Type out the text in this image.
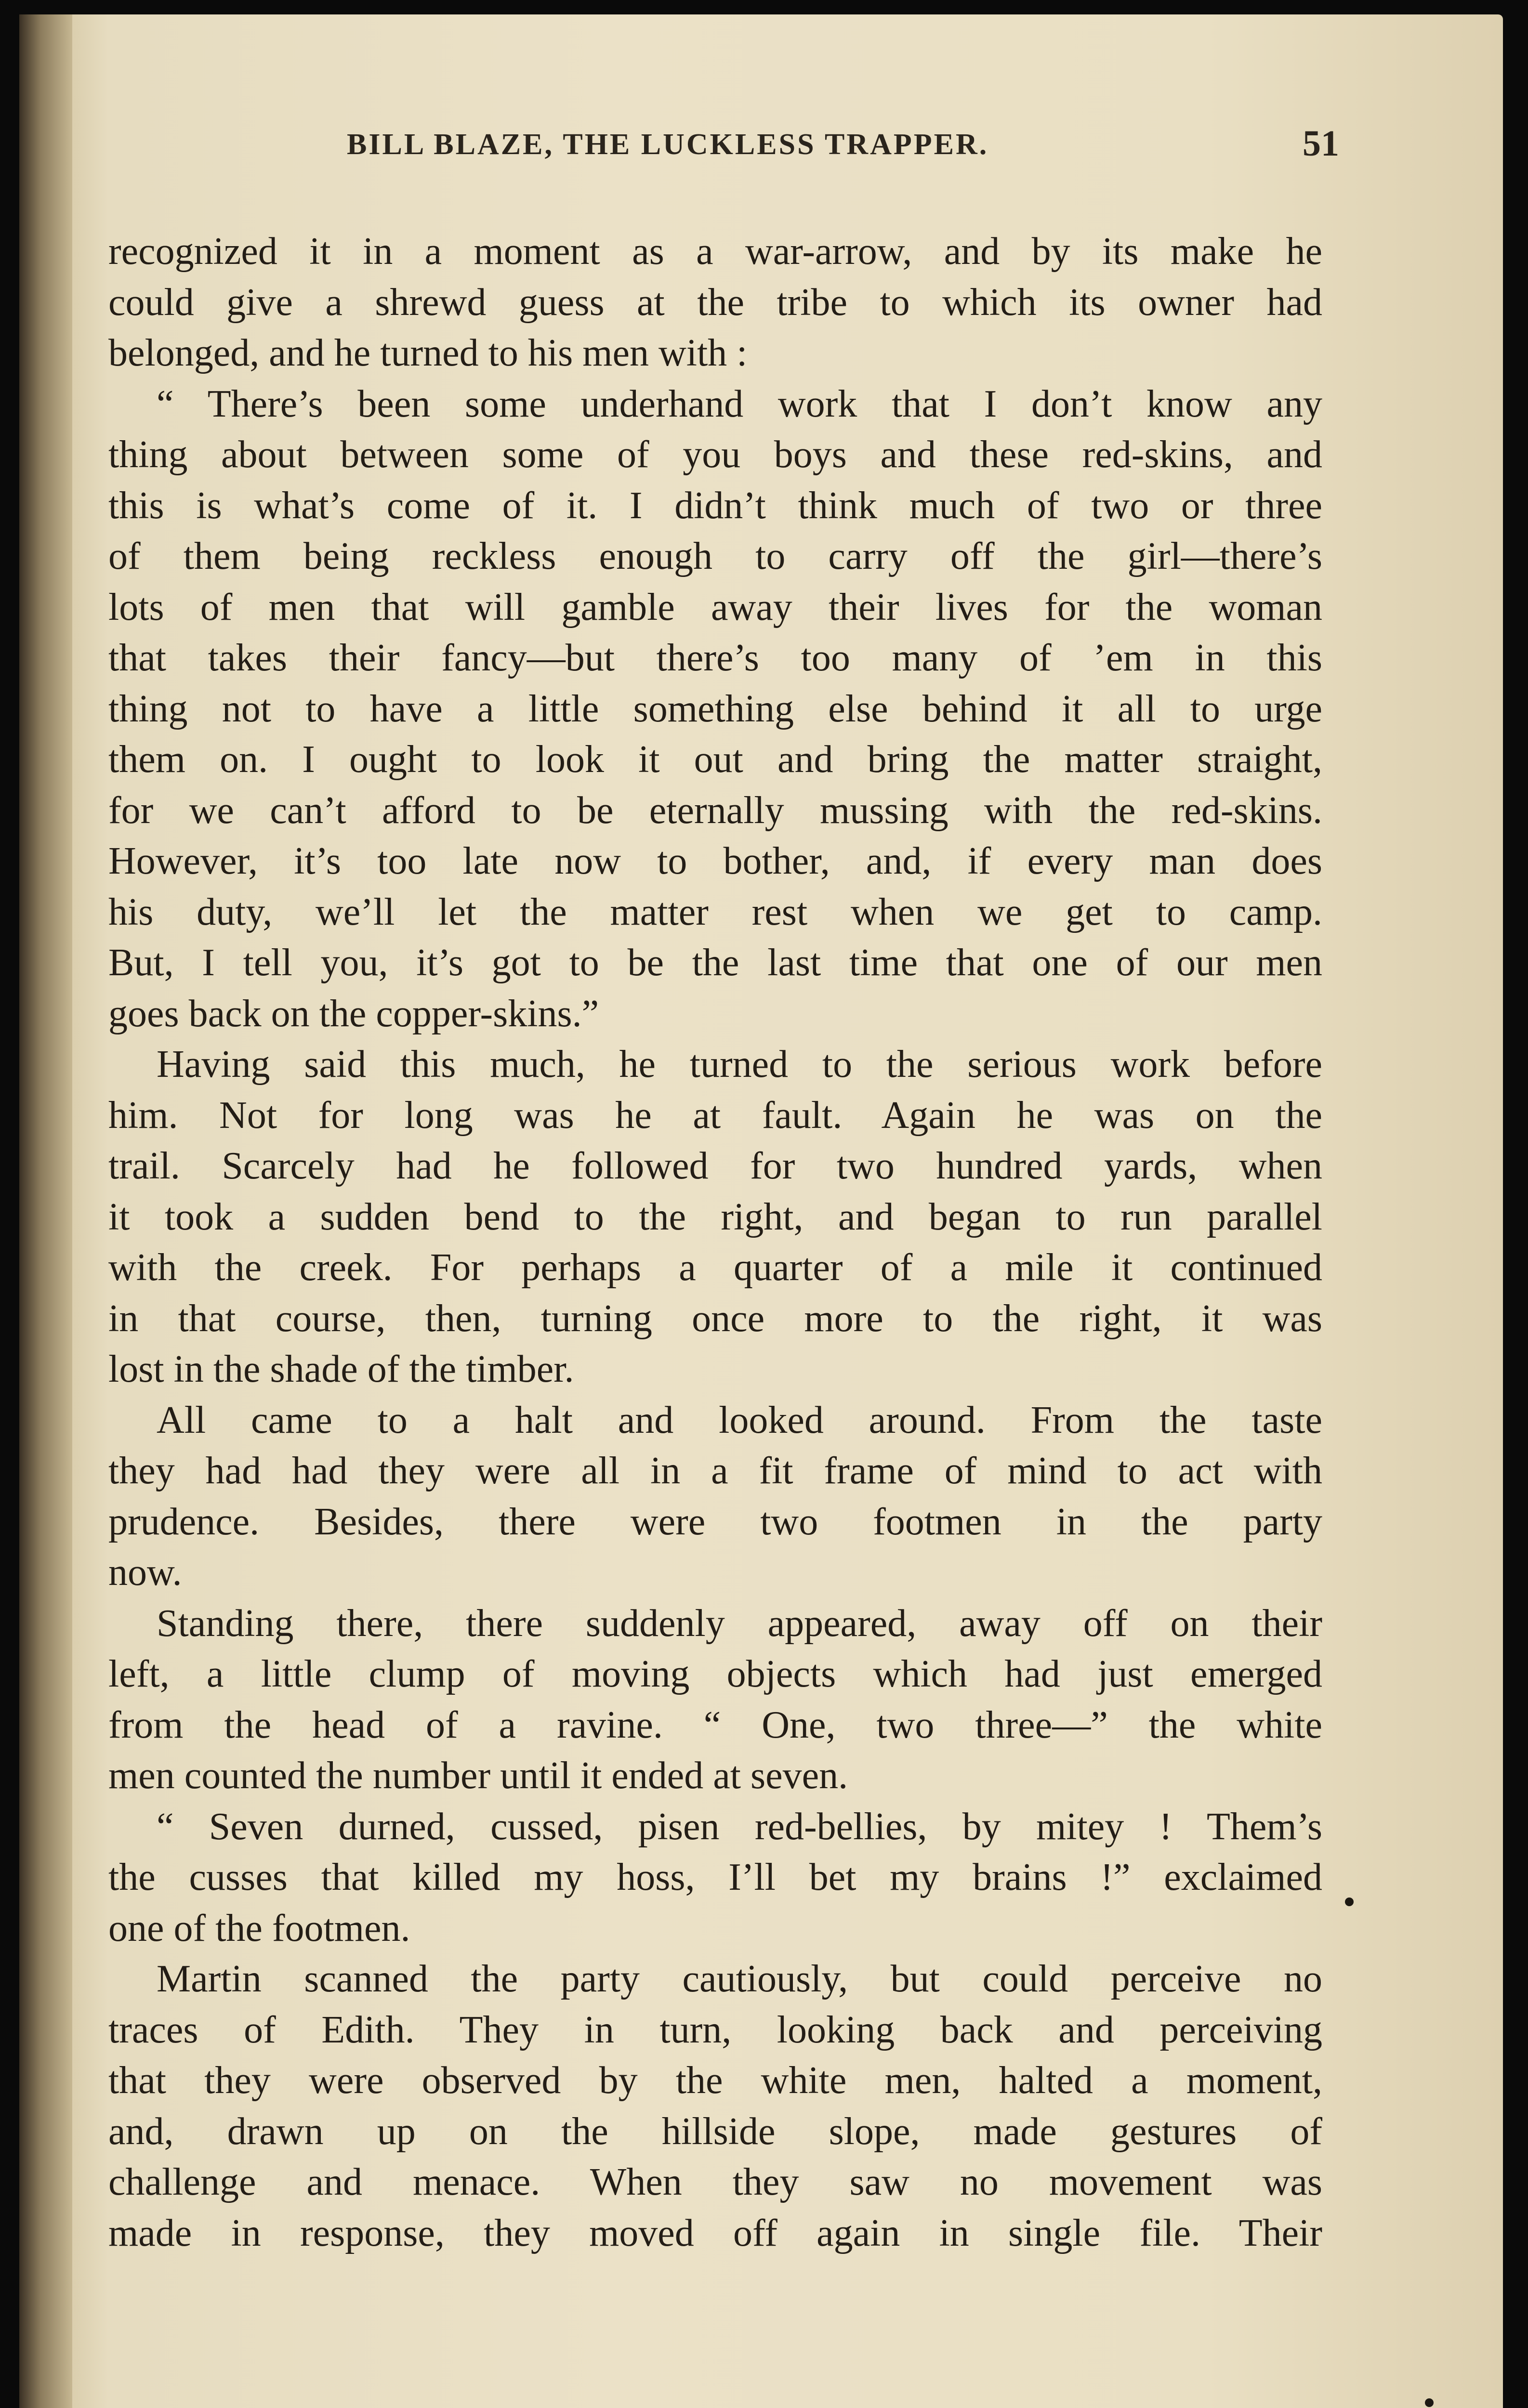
BILL BLAZE, THE LUCKLESS TRAPPER.	51
recognized it in a moment as a war-arrow, and by its make he
could give a shrewd guess at the tribe to which its owner had
belonged, and he turned to his men with :
“ There’s been some underhand work that I don’t know any
thing about between some of you boys and these red-skins, and
this is what’s come of it. I didn’t think much of two or three
of them being reckless enough to carry off the girl—there’s
lots of men that will gamble away their lives for the woman
that takes their fancy—but there’s too many of ’em in this
thing not to have a little something else behind it all to urge
them on. I ought to look it out and bring the matter straight,
for we can’t afford to be eternally mussing with the red-skins.
However, it’s too late now to bother, and, if every man does
his duty, we’ll let the matter rest when we get to camp.
But, I tell you, it’s got to be the last time that one of our men
goes back on the copper-skins.”
Having said this much, he turned to the serious work before
him. Not for long was he at fault. Again he was on the
trail. Scarcely had he followed for two hundred yards, when
it took a sudden bend to the right, and began to run parallel
with the creek. For perhaps a quarter of a mile it continued
in that course, then, turning once more to the right, it was
lost in the shade of the timber.
All came to a halt and looked around. From the taste
they had had they were all in a fit frame of mind to act with
prudence. Besides, there were two footmen in the party
now.
Standing there, there suddenly appeared, away off on their
left, a little clump of moving objects which had just emerged
from the head of a ravine. “ One, two three—” the white
men counted the number until it ended at seven.
“ Seven durned, cussed, pisen red-bellies, by mitey ! Them’s
the cusses that killed my hoss, I’ll bet my brains !” exclaimed
one of the footmen.
Martin scanned the party cautiously, but could perceive no
traces of Edith. They in turn, looking back and perceiving
that they were observed by the white men, halted a moment,
and, drawn up on the hillside slope, made gestures of
challenge and menace. When they saw no movement was
made in response, they moved off again in single file. Their
